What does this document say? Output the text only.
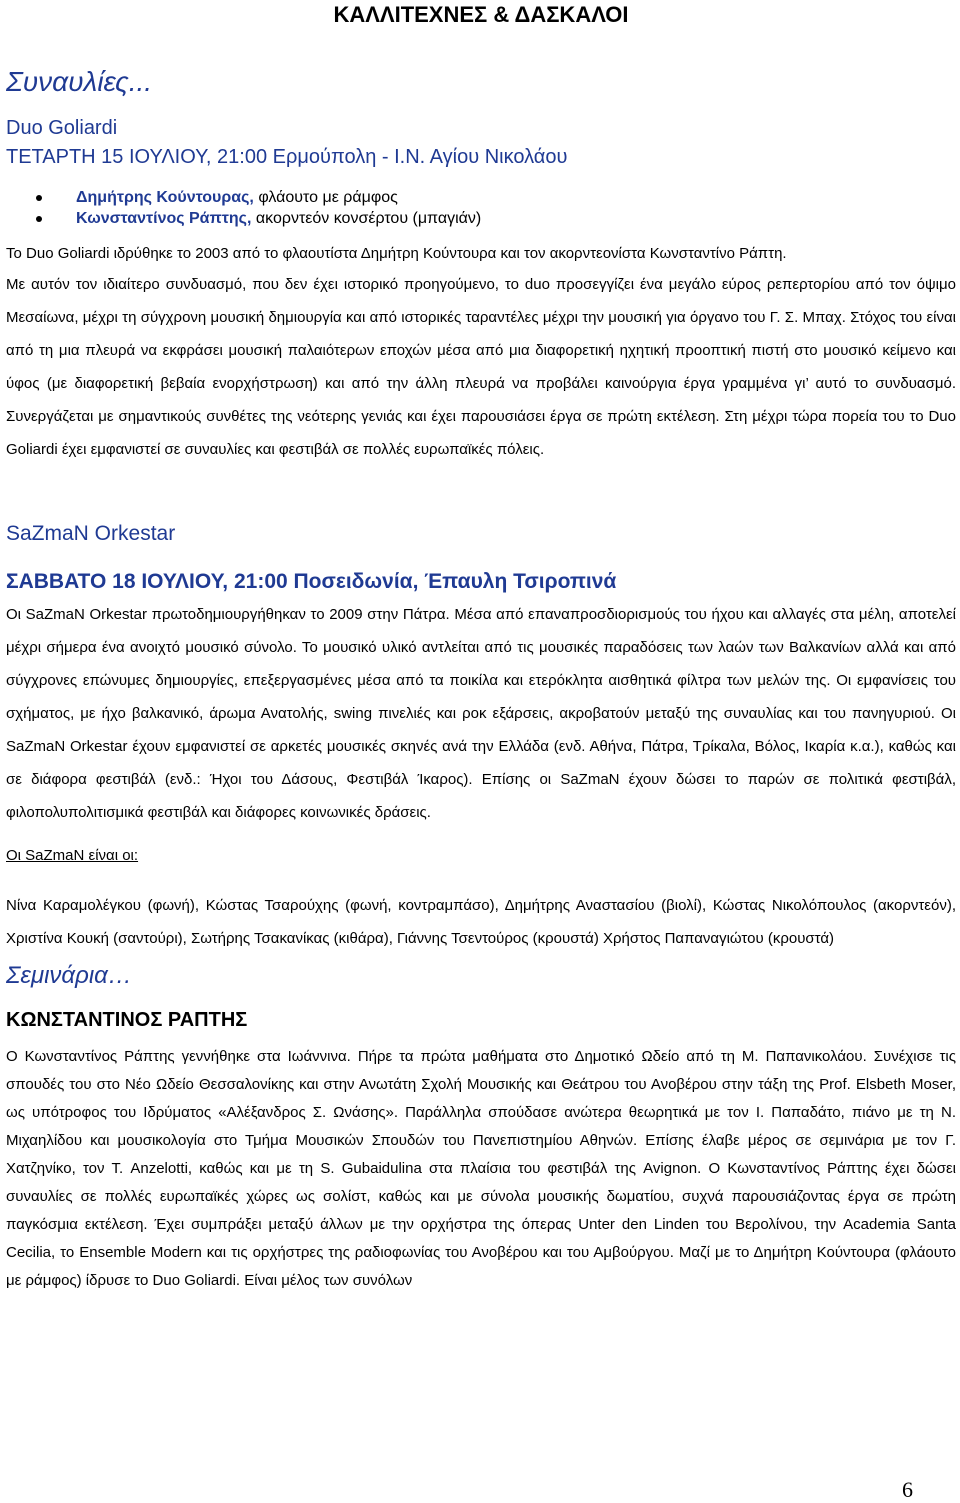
ΚΑΛΛΙΤΕΧΝΕΣ & ΔΑΣΚΑΛΟΙ
Συναυλίες...
Duo Goliardi
ΤΕΤΑΡΤΗ 15 ΙΟΥΛΙΟΥ, 21:00 Ερμούπολη - Ι.Ν. Αγίου Νικολάου
Δημήτρης Κούντουρας, φλάουτο με ράμφος
Κωνσταντίνος Ράπτης, ακορντεόν κονσέρτου (μπαγιάν)

Το Duo Goliardi ιδρύθηκε το 2003 από το φλαουτίστα Δημήτρη Κούντουρα και τον ακορντεονίστα Κωνσταντίνο Ράπτη.

Με αυτόν τον ιδιαίτερο συνδυασμό, που δεν έχει ιστορικό προηγούμενο, το duo προσεγγίζει ένα μεγάλο εύρος ρεπερτορίου από τον όψιμο Μεσαίωνα, μέχρι τη σύγχρονη μουσική δημιουργία και από ιστορικές ταραντέλες μέχρι την μουσική για όργανο του Γ. Σ. Μπαχ. Στόχος του είναι από τη μια πλευρά να εκφράσει μουσική παλαιότερων εποχών μέσα από μια διαφορετική ηχητική προοπτική πιστή στο μουσικό κείμενο και ύφος (με διαφορετική βεβαία ενορχήστρωση) και από την άλλη πλευρά να προβάλει καινούργια έργα γραμμένα γι’ αυτό το συνδυασμό. Συνεργάζεται με σημαντικούς συνθέτες της νεότερης γενιάς και έχει παρουσιάσει έργα σε πρώτη εκτέλεση. Στη μέχρι τώρα πορεία του το Duo Goliardi έχει εμφανιστεί σε συναυλίες και φεστιβάλ σε πολλές ευρωπαϊκές πόλεις.

SaZmaN Orkestar
ΣΑΒΒΑΤΟ 18 ΙΟΥΛΙΟΥ, 21:00 Ποσειδωνία, Έπαυλη Τσιροπινά

Οι SaZmaN Orkestar πρωτοδημιουργήθηκαν το 2009 στην Πάτρα. Μέσα από επαναπροσδιορισμούς του ήχου και αλλαγές στα μέλη, αποτελεί μέχρι σήμερα ένα ανοιχτό μουσικό σύνολο. Το μουσικό υλικό αντλείται από τις μουσικές παραδόσεις των λαών των Βαλκανίων αλλά και από σύγχρονες επώνυμες δημιουργίες, επεξεργασμένες μέσα από τα ποικίλα και ετερόκλητα αισθητικά φίλτρα των μελών της. Οι εμφανίσεις του σχήματος, με ήχο βαλκανικό, άρωμα Ανατολής, swing πινελιές και ροκ εξάρσεις, ακροβατούν μεταξύ της συναυλίας και του πανηγυριού. Οι SaZmaN Orkestar έχουν εμφανιστεί σε αρκετές μουσικές σκηνές ανά την Ελλάδα (ενδ. Αθήνα, Πάτρα, Τρίκαλα, Βόλος, Ικαρία κ.α.), καθώς και σε διάφορα φεστιβάλ (ενδ.: Ήχοι του Δάσους, Φεστιβάλ Ίκαρος). Επίσης οι SaZmaN έχουν δώσει το παρών σε πολιτικά φεστιβάλ, φιλοπολυπολιτισμικά φεστιβάλ και διάφορες κοινωνικές δράσεις.

Οι SaZmaN είναι οι:

Νίνα Καραμολέγκου (φωνή), Κώστας Τσαρούχης (φωνή, κοντραμπάσο), Δημήτρης Αναστασίου (βιολί), Κώστας Νικολόπουλος (ακορντεόν), Χριστίνα Κουκή (σαντούρι), Σωτήρης Τσακανίκας (κιθάρα), Γιάννης Τσεντούρος (κρουστά) Χρήστος Παπαναγιώτου (κρουστά)

Σεμινάρια…
ΚΩΝΣΤΑΝΤΙΝΟΣ ΡΑΠΤΗΣ

Ο Κωνσταντίνος Ράπτης γεννήθηκε στα Ιωάννινα. Πήρε τα πρώτα μαθήματα στο Δημοτικό Ωδείο από τη Μ. Παπανικολάου. Συνέχισε τις σπουδές του στο Νέο Ωδείο Θεσσαλονίκης και στην Ανωτάτη Σχολή Μουσικής και Θεάτρου του Ανοβέρου στην τάξη της Prof. Elsbeth Moser, ως υπότροφος του Ιδρύματος «Αλέξανδρος Σ. Ωνάσης». Παράλληλα σπούδασε ανώτερα θεωρητικά με τον Ι. Παπαδάτο, πιάνο με τη Ν. Μιχαηλίδου και μουσικολογία στο Τμήμα Μουσικών Σπουδών του Πανεπιστημίου Αθηνών. Επίσης έλαβε μέρος σε σεμινάρια με τον Γ. Χατζηνίκο, τον Τ. Anzelotti, καθώς και με τη S. Gubaidulina στα πλαίσια του φεστιβάλ της Avignon. Ο Κωνσταντίνος Ράπτης έχει δώσει συναυλίες σε πολλές ευρωπαϊκές χώρες ως σολίστ, καθώς και με σύνολα μουσικής δωματίου, συχνά παρουσιάζοντας έργα σε πρώτη παγκόσμια εκτέλεση. Έχει συμπράξει μεταξύ άλλων με την ορχήστρα της όπερας Unter den Linden του Βερολίνου, την Academia Santa Cecilia, το Ensemble Modern και τις ορχήστρες της ραδιοφωνίας του Ανοβέρου και του Αμβούργου. Μαζί με το Δημήτρη Κούντουρα (φλάουτο με ράμφος) ίδρυσε το Duo Goliardi. Είναι μέλος των συνόλων

6
